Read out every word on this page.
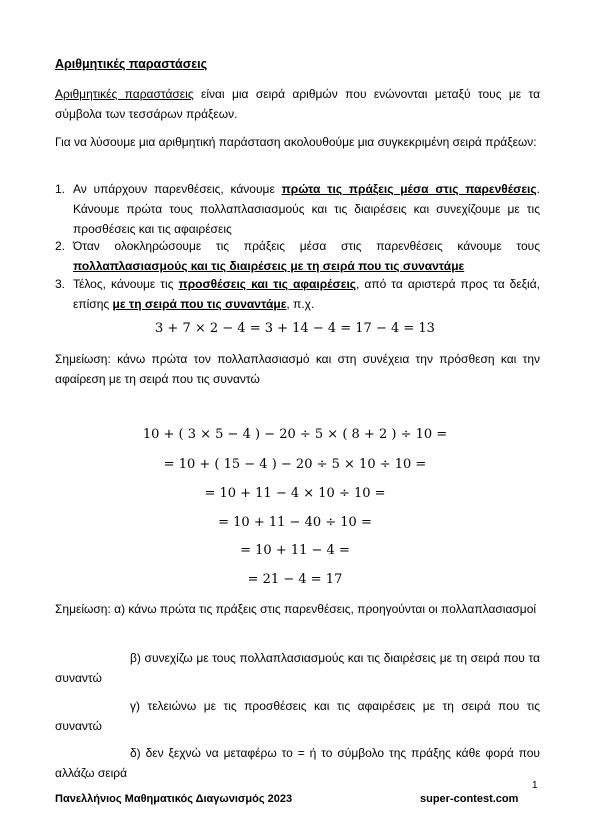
Αριθμητικές παραστάσεις
Αριθμητικές παραστάσεις είναι μια σειρά αριθμών που ενώνονται μεταξύ τους με τα σύμβολα των τεσσάρων πράξεων.
Για να λύσουμε μια αριθμητική παράσταση ακολουθούμε μια συγκεκριμένη σειρά πράξεων:
1. Αν υπάρχουν παρενθέσεις, κάνουμε πρώτα τις πράξεις μέσα στις παρενθέσεις. Κάνουμε πρώτα τους πολλαπλασιασμούς και τις διαιρέσεις και συνεχίζουμε με τις προσθέσεις και τις αφαιρέσεις
2. Όταν ολοκληρώσουμε τις πράξεις μέσα στις παρενθέσεις κάνουμε τους πολλαπλασιασμούς και τις διαιρέσεις με τη σειρά που τις συναντάμε
3. Τέλος, κάνουμε τις προσθέσεις και τις αφαιρέσεις, από τα αριστερά προς τα δεξιά, επίσης με τη σειρά που τις συναντάμε, π.χ.
3 + 7 × 2 − 4 = 3 + 14 − 4 = 17 − 4 = 13
Σημείωση: κάνω πρώτα τον πολλαπλασιασμό και στη συνέχεια την πρόσθεση και την αφαίρεση με τη σειρά που τις συναντώ
10 + ( 3 × 5 − 4 ) − 20 ÷ 5 × ( 8 + 2 ) ÷ 10 =
= 10 + ( 15 − 4 ) − 20 ÷ 5 × 10 ÷ 10 =
= 10 + 11 − 4 × 10 ÷ 10 =
= 10 + 11 − 40 ÷ 10 =
= 10 + 11 − 4 =
= 21 − 4 = 17
Σημείωση: α) κάνω πρώτα τις πράξεις στις παρενθέσεις, προηγούνται οι πολλαπλασιασμοί
β) συνεχίζω με τους πολλαπλασιασμούς και τις διαιρέσεις με τη σειρά που τα συναντώ
γ) τελειώνω με τις προσθέσεις και τις αφαιρέσεις με τη σειρά που τις συναντώ
δ) δεν ξεχνώ να μεταφέρω το = ή το σύμβολο της πράξης κάθε φορά που αλλάζω σειρά
1
Πανελλήνιος Μαθηματικός Διαγωνισμός 2023	super-contest.com
